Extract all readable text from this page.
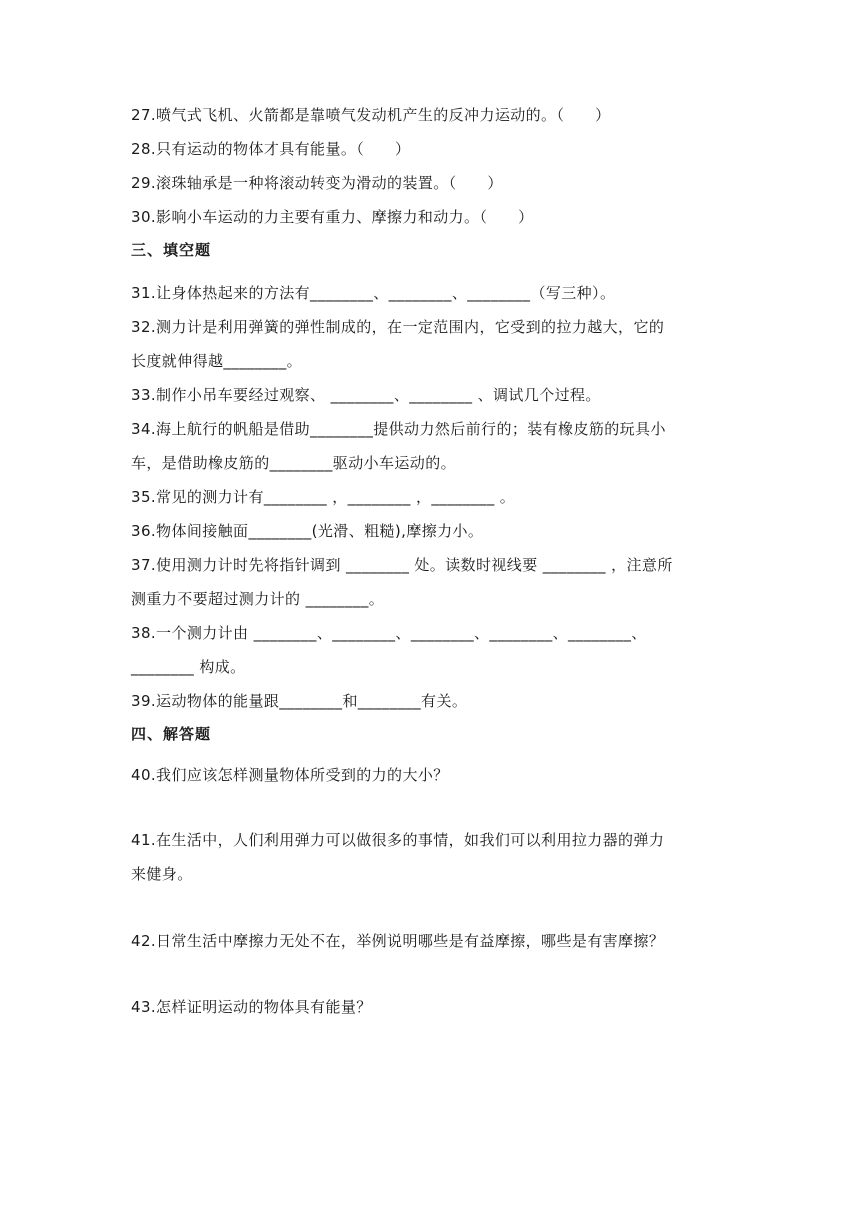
27.喷气式飞机、火箭都是靠喷气发动机产生的反冲力运动的。（　　）
28.只有运动的物体才具有能量。（　　）
29.滚珠轴承是一种将滚动转变为滑动的装置。（　　）
30.影响小车运动的力主要有重力、摩擦力和动力。（　　）
三、填空题
31.让身体热起来的方法有________、________、________（写三种）。
32.测力计是利用弹簧的弹性制成的，在一定范围内，它受到的拉力越大，它的
长度就伸得越________。
33.制作小吊车要经过观察、 ________、________ 、调试几个过程。
34.海上航行的帆船是借助________提供动力然后前行的；装有橡皮筋的玩具小
车，是借助橡皮筋的________驱动小车运动的。
35.常见的测力计有________ ，________ ，________ 。
36.物体间接触面________(光滑、粗糙),摩擦力小。
37.使用测力计时先将指针调到 ________ 处。读数时视线要 ________ ，注意所
测重力不要超过测力计的 ________。
38.一个测力计由 ________、________、________、________、________、
________ 构成。
39.运动物体的能量跟________和________有关。
四、解答题
40.我们应该怎样测量物体所受到的力的大小？
41.在生活中，人们利用弹力可以做很多的事情，如我们可以利用拉力器的弹力
来健身。
42.日常生活中摩擦力无处不在，举例说明哪些是有益摩擦，哪些是有害摩擦？
43.怎样证明运动的物体具有能量？
